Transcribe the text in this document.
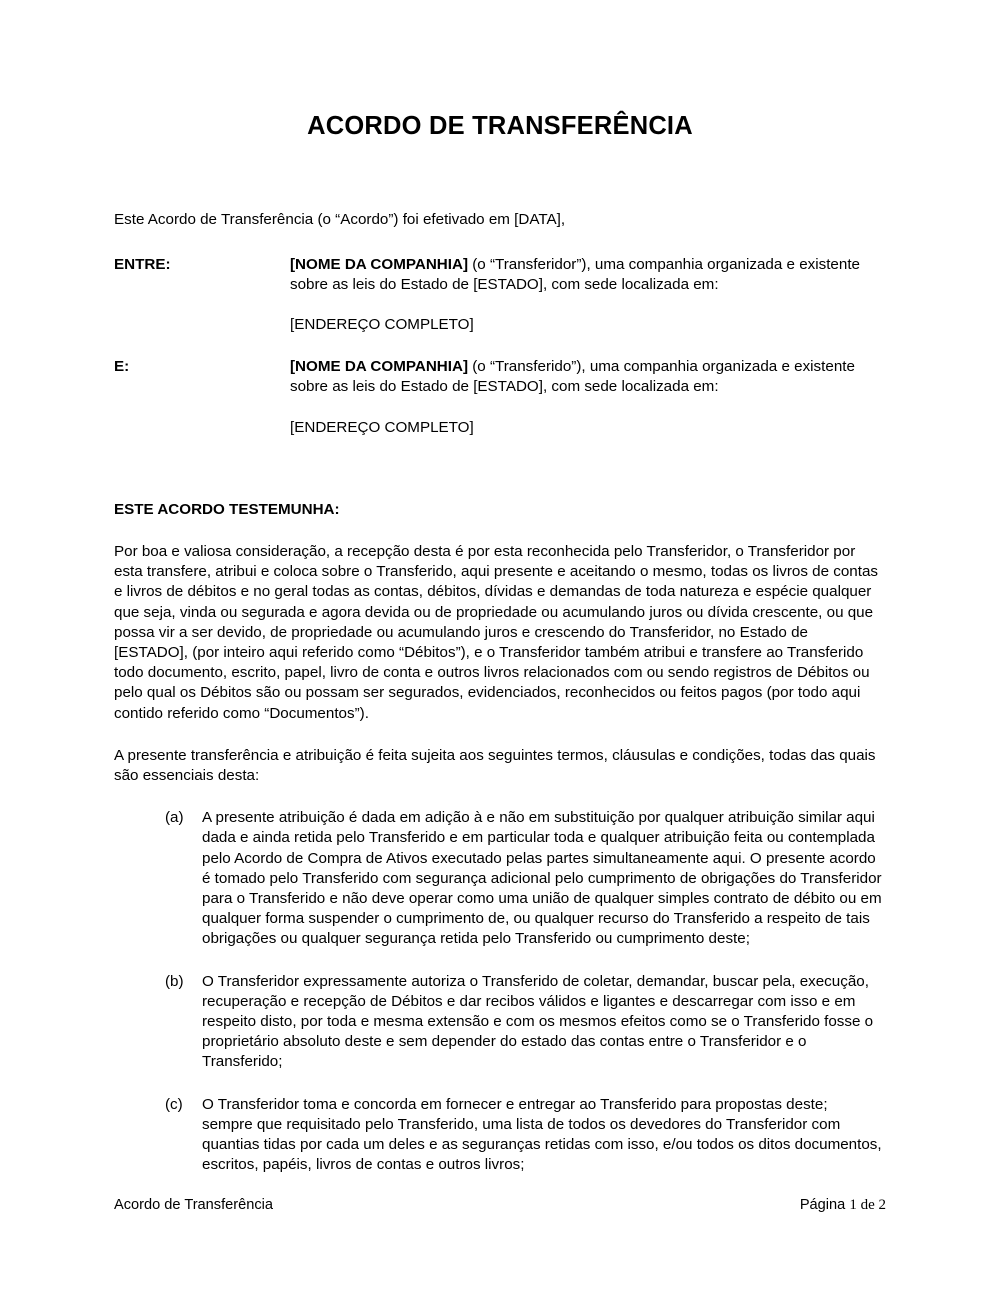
ACORDO DE TRANSFERÊNCIA

Este Acordo de Transferência (o “Acordo”) foi efetivado em [DATA],

ENTRE:	[NOME DA COMPANHIA] (o “Transferidor”), uma companhia organizada e existente sobre as leis do Estado de [ESTADO], com sede localizada em:
[ENDEREÇO COMPLETO]
E:	[NOME DA COMPANHIA] (o “Transferido”), uma companhia organizada e existente sobre as leis do Estado de [ESTADO], com sede localizada em:
[ENDEREÇO COMPLETO]
ESTE ACORDO TESTEMUNHA:

Por boa e valiosa consideração, a recepção desta é por esta reconhecida pelo Transferidor, o Transferidor por esta transfere, atribui e coloca sobre o Transferido, aqui presente e aceitando o mesmo, todas os livros de contas e livros de débitos e no geral todas as contas, débitos, dívidas e demandas de toda natureza e espécie qualquer que seja, vinda ou segurada e agora devida ou de propriedade ou acumulando juros ou dívida crescente, ou que possa vir a ser devido, de propriedade ou acumulando juros e crescendo do Transferidor, no Estado de [ESTADO], (por inteiro aqui referido como “Débitos”), e o Transferidor também atribui e transfere ao Transferido todo documento, escrito, papel, livro de conta e outros livros relacionados com ou sendo registros de Débitos ou pelo qual os Débitos são ou possam ser segurados, evidenciados, reconhecidos ou feitos pagos (por todo aqui contido referido como “Documentos”).

A presente transferência e atribuição é feita sujeita aos seguintes termos, cláusulas e condições, todas das quais são essenciais desta:

(a)	A presente atribuição é dada em adição à e não em substituição por qualquer atribuição similar aqui dada e ainda retida pelo Transferido e em particular toda e qualquer atribuição feita ou contemplada pelo Acordo de Compra de Ativos executado pelas partes simultaneamente aqui. O presente acordo é tomado pelo Transferido com segurança adicional pelo cumprimento de obrigações do Transferidor para o Transferido e não deve operar como uma união de qualquer simples contrato de débito ou em qualquer forma suspender o cumprimento de, ou qualquer recurso do Transferido a respeito de tais obrigações ou qualquer segurança retida pelo Transferido ou cumprimento deste;
(b)	O Transferidor expressamente autoriza o Transferido de coletar, demandar, buscar pela, execução, recuperação e recepção de Débitos e dar recibos válidos e ligantes e descarregar com isso e em respeito disto, por toda e mesma extensão e com os mesmos efeitos como se o Transferido fosse o proprietário absoluto deste e sem depender do estado das contas entre o Transferidor e o Transferido;
(c)	O Transferidor toma e concorda em fornecer e entregar ao Transferido para propostas deste; sempre que requisitado pelo Transferido, uma lista de todos os devedores do Transferidor com quantias tidas por cada um deles e as seguranças retidas com isso, e/ou todos os ditos documentos, escritos, papéis, livros de contas e outros livros;
Acordo de Transferência	Página 1 de 2
